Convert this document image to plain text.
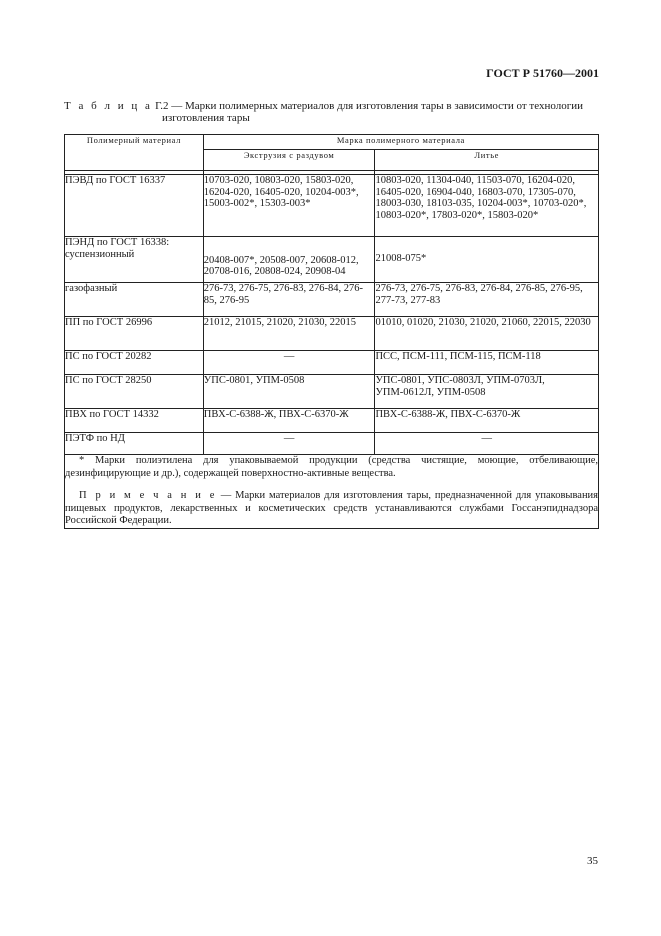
ГОСТ Р 51760—2001
Т а б л и ц а Г.2 — Марки полимерных материалов для изготовления тары в зависимости от технологии
изготовления тары
Полимерный материал	Марка полимерного материала	
	Экструзия с раздувом	Литье

ПЭВД по ГОСТ 16337	10703-020, 10803-020, 15803-020, 16204-020, 16405-020, 10204-003*, 15003-002*, 15303-003*	10803-020, 11304-040, 11503-070, 16204-020, 16405-020, 16904-040, 16803-070, 17305-070, 18003-030, 18103-035, 10204-003*, 10703-020*, 10803-020*, 17803-020*, 15803-020*
ПЭНД по ГОСТ 16338:		
суспензионный	20408-007*, 20508-007, 20608-012, 20708-016, 20808-024, 20908-04	21008-075*
газофазный	276-73, 276-75, 276-83, 276-84, 276-85, 276-95	276-73, 276-75, 276-83, 276-84, 276-85, 276-95, 277-73, 277-83
ПП по ГОСТ 26996	21012, 21015, 21020, 21030, 22015	01010, 01020, 21030, 21020, 21060, 22015, 22030
ПС по ГОСТ 20282	—	ПСС, ПСМ-111, ПСМ-115, ПСМ-118
ПС по ГОСТ 28250	УПС-0801, УПМ-0508	УПС-0801, УПС-0803Л, УПМ-0703Л, УПМ-0612Л, УПМ-0508
ПВХ по ГОСТ 14332	ПВХ-С-6388-Ж, ПВХ-С-6370-Ж	ПВХ-С-6388-Ж, ПВХ-С-6370-Ж
ПЭТФ по НД	—	—

* Марки полиэтилена для упаковываемой продукции (средства чистящие, моющие, отбеливающие, дезинфицирующие и др.), содержащей поверхностно-активные вещества.
П р и м е ч а н и е — Марки материалов для изготовления тары, предназначенной для упаковывания пищевых продуктов, лекарственных и косметических средств устанавливаются службами Госсанэпиднадзора Российской Федерации.		
35
